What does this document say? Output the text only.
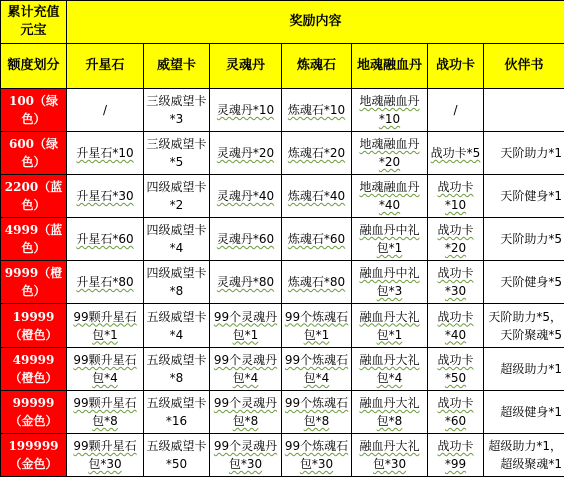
累计充值元宝	奖励内容						
额度划分	升星石	威望卡	灵魂丹	炼魂石	地魂融血丹	战功卡	伙伴书
100（绿色）	/	三级威望卡*3	灵魂丹*10	炼魂石*10	地魂融血丹*10	/	
600（绿色）	升星石*10	三级威望卡*5	灵魂丹*20	炼魂石*20	地魂融血丹*20	战功卡*5	天阶助力*1
2200（蓝色）	升星石*30	四级威望卡*2	灵魂丹*40	炼魂石*40	地魂融血丹*40	战功卡*10	天阶健身*1
4999（蓝色）	升星石*60	四级威望卡*4	灵魂丹*60	炼魂石*60	融血丹中礼包*1	战功卡*20	天阶助力*5
9999（橙色）	升星石*80	四级威望卡*8	灵魂丹*80	炼魂石*80	融血丹中礼包*3	战功卡*30	天阶健身*5
19999（橙色）	99颗升星石包*1	五级威望卡*4	99个灵魂丹包*1	99个炼魂石包*1	融血丹大礼包*1	战功卡*40	天阶助力*5，天阶聚魂*5
49999（橙色）	99颗升星石包*4	五级威望卡*8	99个灵魂丹包*4	99个炼魂石包*4	融血丹大礼包*4	战功卡*50	超级助力*1
99999（金色）	99颗升星石包*8	五级威望卡*16	99个灵魂丹包*8	99个炼魂石包*8	融血丹大礼包*8	战功卡*60	超级健身*1
199999（金色）	99颗升星石包*30	五级威望卡*50	99个灵魂丹包*30	99个炼魂石包*30	融血丹大礼包*30	战功卡*99	超级助力*1，超级聚魂*1
